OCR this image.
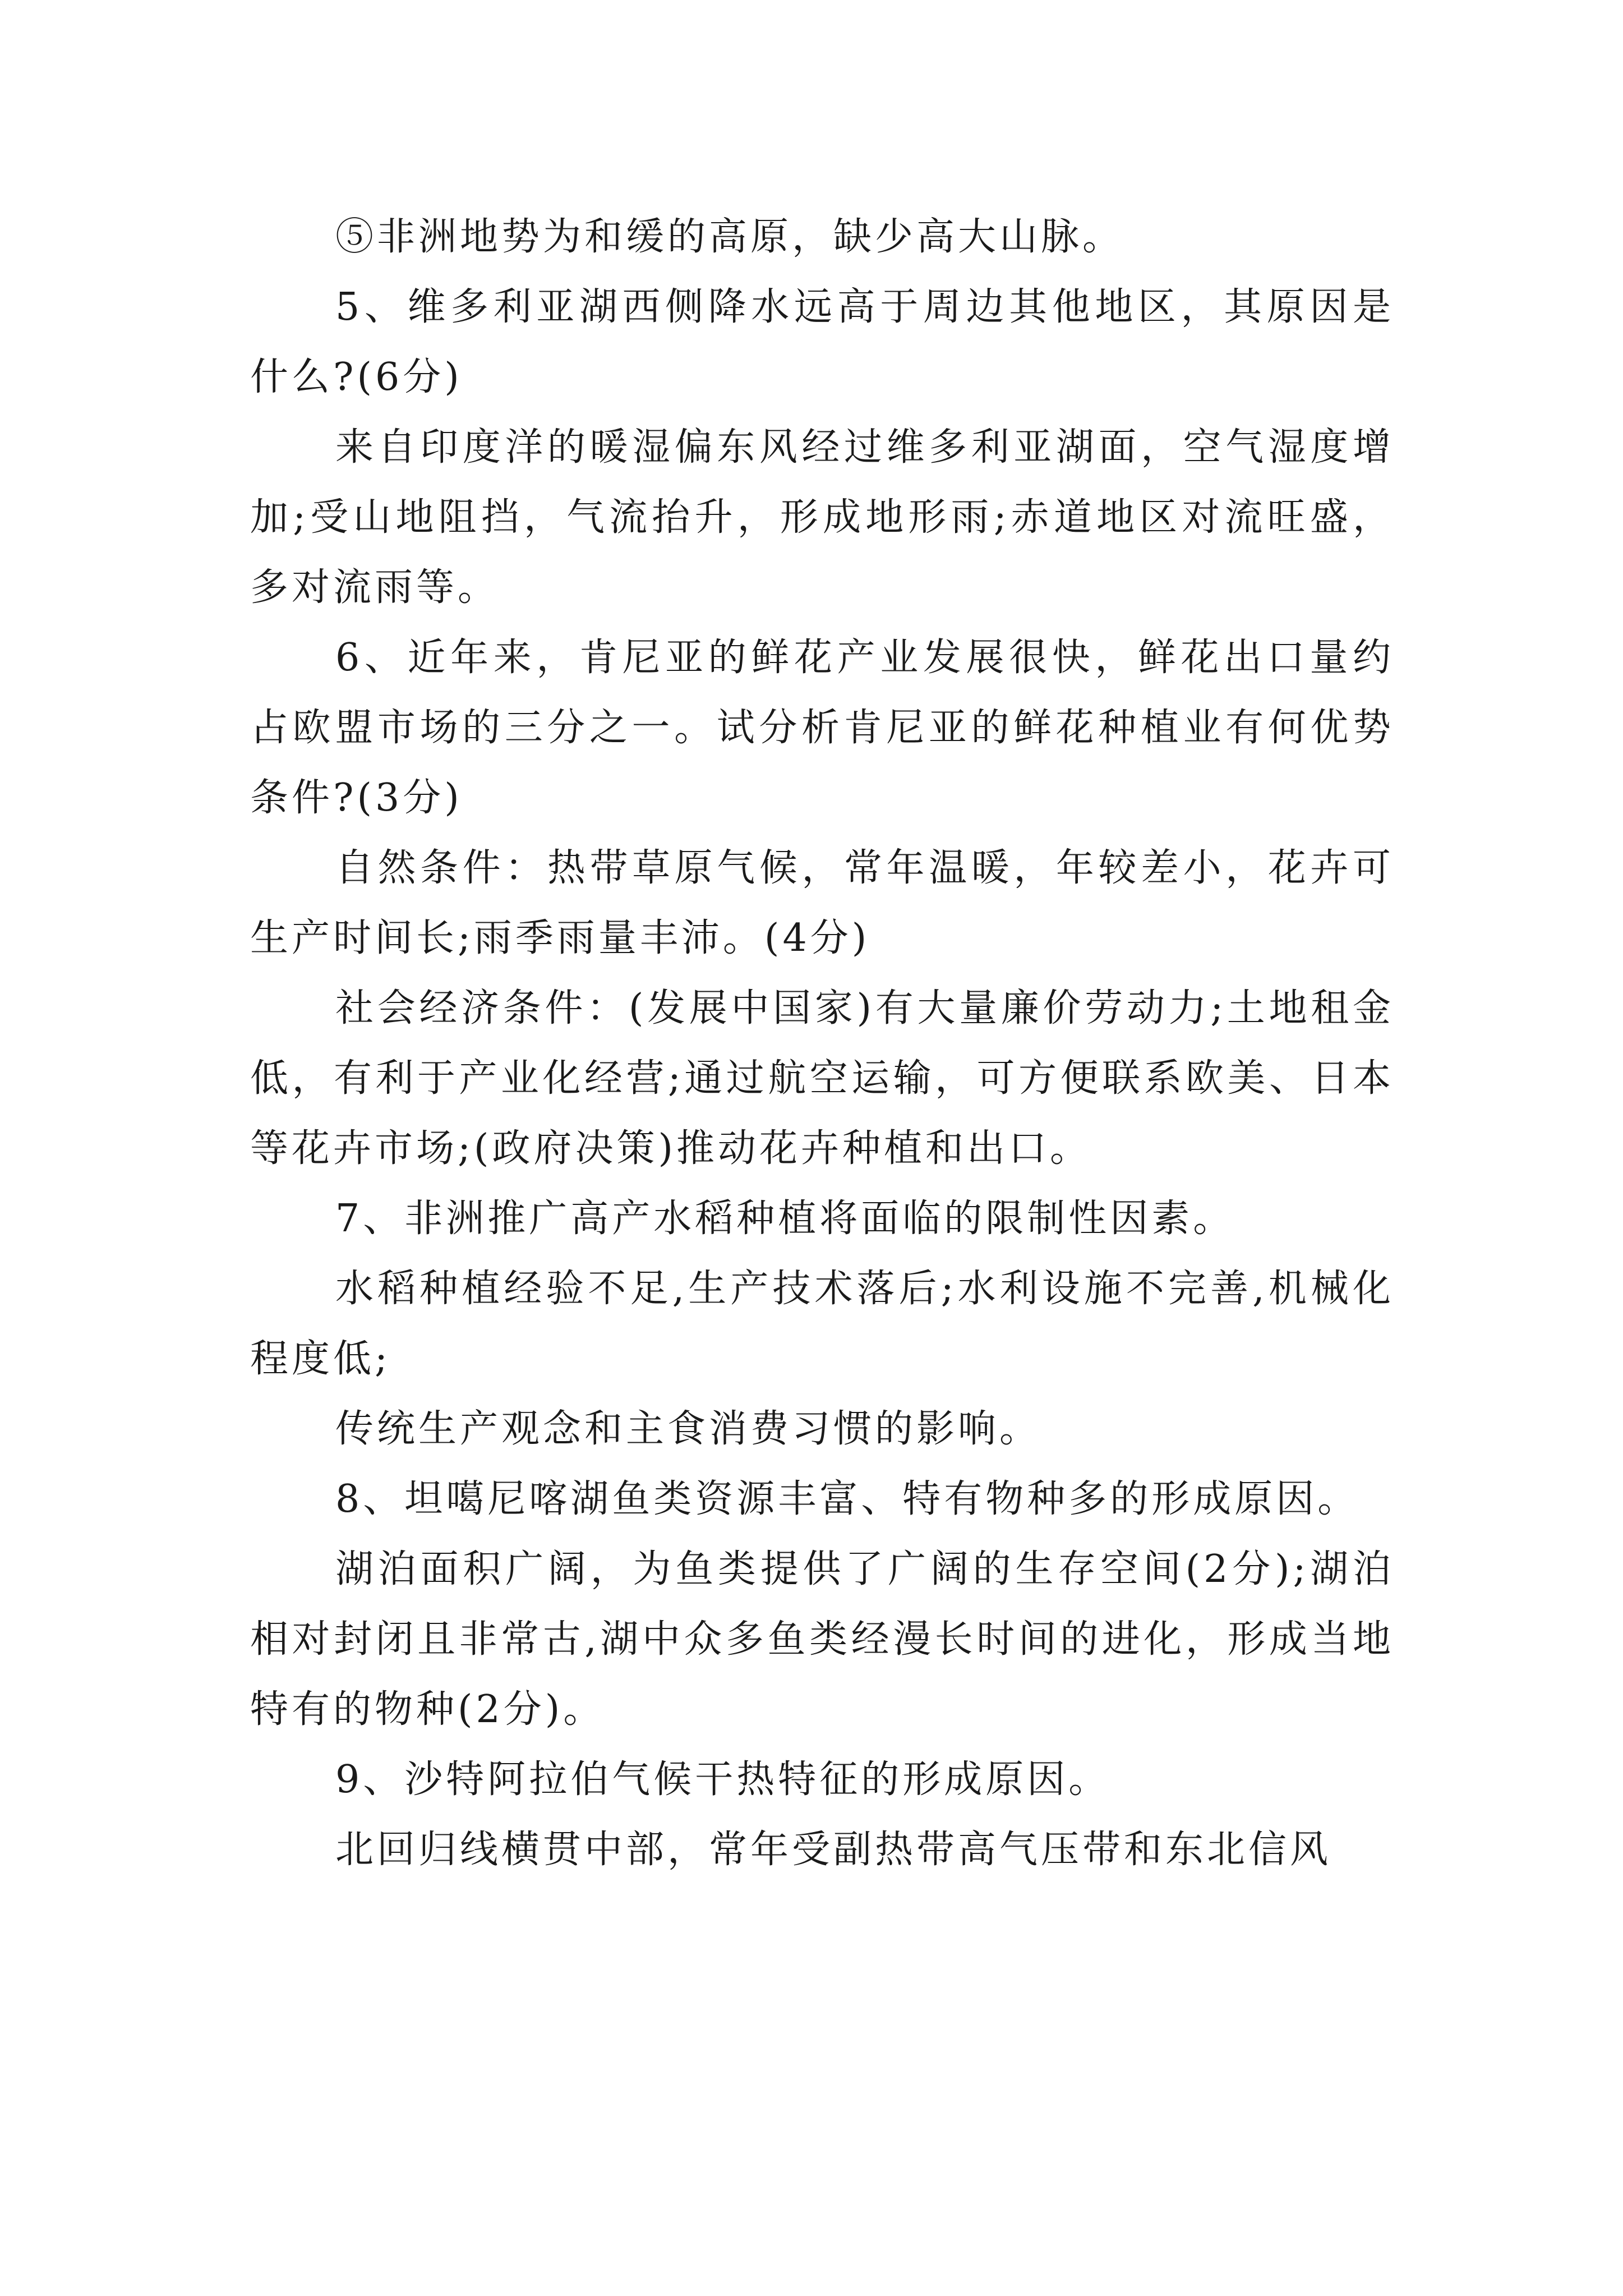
⑤非洲地势为和缓的高原，缺少高大山脉。

5、维多利亚湖西侧降水远高于周边其他地区，其原因是什么?(6分)

来自印度洋的暖湿偏东风经过维多利亚湖面，空气湿度增加;受山地阻挡，气流抬升，形成地形雨;赤道地区对流旺盛，多对流雨等。

6、近年来，肯尼亚的鲜花产业发展很快，鲜花出口量约占欧盟市场的三分之一。试分析肯尼亚的鲜花种植业有何优势条件?(3分)

自然条件：热带草原气候，常年温暖，年较差小，花卉可生产时间长;雨季雨量丰沛。(4分)

社会经济条件：(发展中国家)有大量廉价劳动力;土地租金低，有利于产业化经营;通过航空运输，可方便联系欧美、日本等花卉市场;(政府决策)推动花卉种植和出口。

7、非洲推广高产水稻种植将面临的限制性因素。

水稻种植经验不足,生产技术落后;水利设施不完善,机械化程度低;

传统生产观念和主食消费习惯的影响。

8、坦噶尼喀湖鱼类资源丰富、特有物种多的形成原因。

湖泊面积广阔，为鱼类提供了广阔的生存空间(2分);湖泊相对封闭且非常古,湖中众多鱼类经漫长时间的进化，形成当地特有的物种(2分)。

9、沙特阿拉伯气候干热特征的形成原因。

北回归线横贯中部，常年受副热带高气压带和东北信风
